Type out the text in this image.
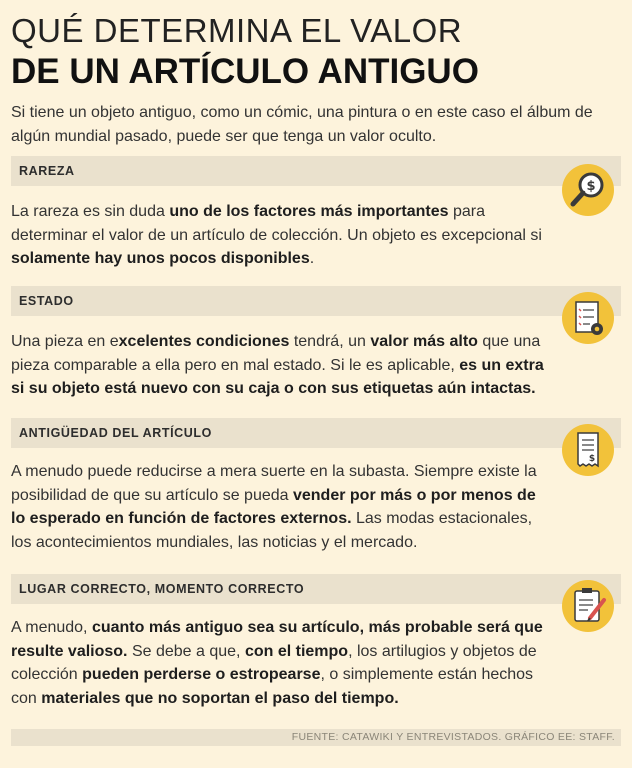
QUÉ DETERMINA EL VALOR
DE UN ARTÍCULO ANTIGUO
Si tiene un objeto antiguo, como un cómic, una pintura o en este caso el álbum de algún mundial pasado, puede ser que tenga un valor oculto.
RAREZA
$
La rareza es sin duda uno de los factores más importantes para determinar el valor de un artículo de colección. Un objeto es excepcional si solamente hay unos pocos disponibles.
ESTADO
Una pieza en excelentes condiciones tendrá, un valor más alto que una pieza comparable a ella pero en mal estado. Si le es aplicable, es un extra si su objeto está nuevo con su caja o con sus etiquetas aún intactas.
ANTIGÜEDAD DEL ARTÍCULO
$
A menudo puede reducirse a mera suerte en la subasta. Siempre existe la posibilidad de que su artículo se pueda vender por más o por menos de lo esperado en función de factores externos. Las modas estacionales, los acontecimientos mundiales, las noticias y el mercado.
LUGAR CORRECTO, MOMENTO CORRECTO
A menudo, cuanto más antiguo sea su artículo, más probable será que resulte valioso. Se debe a que, con el tiempo, los artilugios y objetos de colección pueden perderse o estropearse, o simplemente están hechos con materiales que no soportan el paso del tiempo.
FUENTE: CATAWIKI Y ENTREVISTADOS. GRÁFICO EE: STAFF.
